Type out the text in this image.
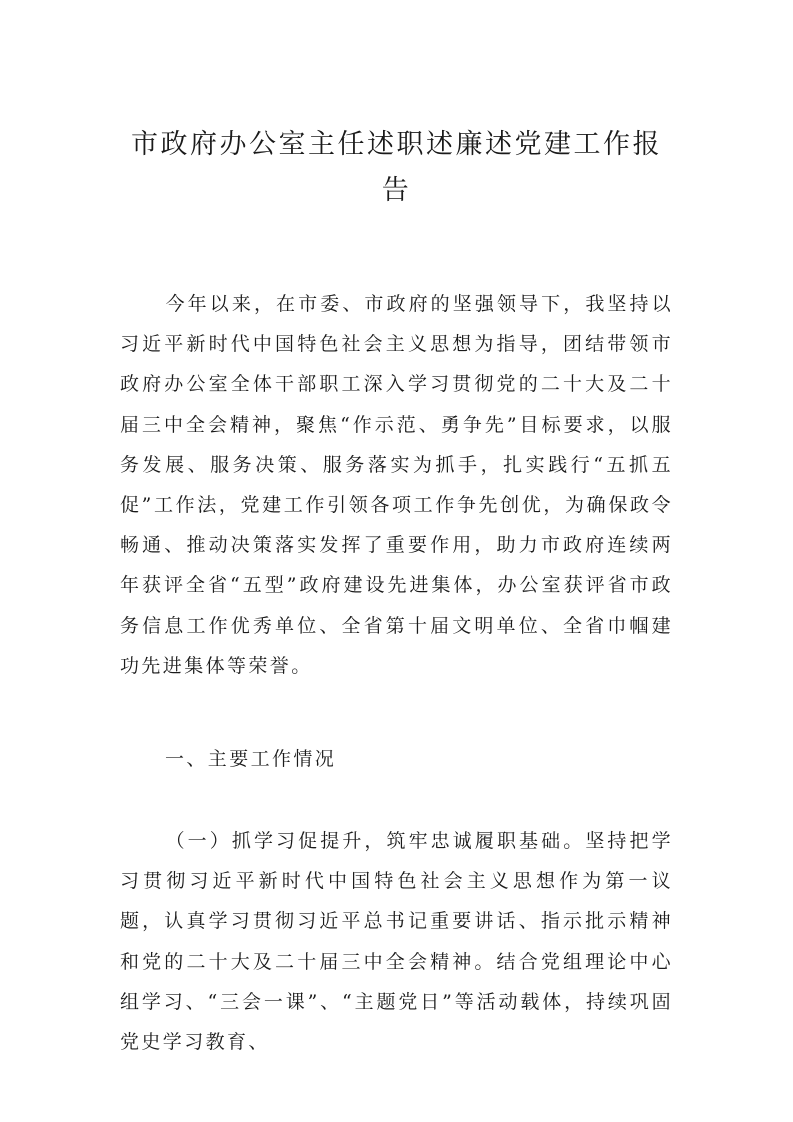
市政府办公室主任述职述廉述党建工作报告

今年以来，在市委、市政府的坚强领导下，我坚持以习近平新时代中国特色社会主义思想为指导，团结带领市政府办公室全体干部职工深入学习贯彻党的二十大及二十届三中全会精神，聚焦“作示范、勇争先”目标要求，以服务发展、服务决策、服务落实为抓手，扎实践行“五抓五促”工作法，党建工作引领各项工作争先创优，为确保政令畅通、推动决策落实发挥了重要作用，助力市政府连续两年获评全省“五型”政府建设先进集体，办公室获评省市政务信息工作优秀单位、全省第十届文明单位、全省巾帼建功先进集体等荣誉。

一、主要工作情况

（一）抓学习促提升，筑牢忠诚履职基础。坚持把学习贯彻习近平新时代中国特色社会主义思想作为第一议题，认真学习贯彻习近平总书记重要讲话、指示批示精神和党的二十大及二十届三中全会精神。结合党组理论中心组学习、“三会一课”、“主题党日”等活动载体，持续巩固党史学习教育、
